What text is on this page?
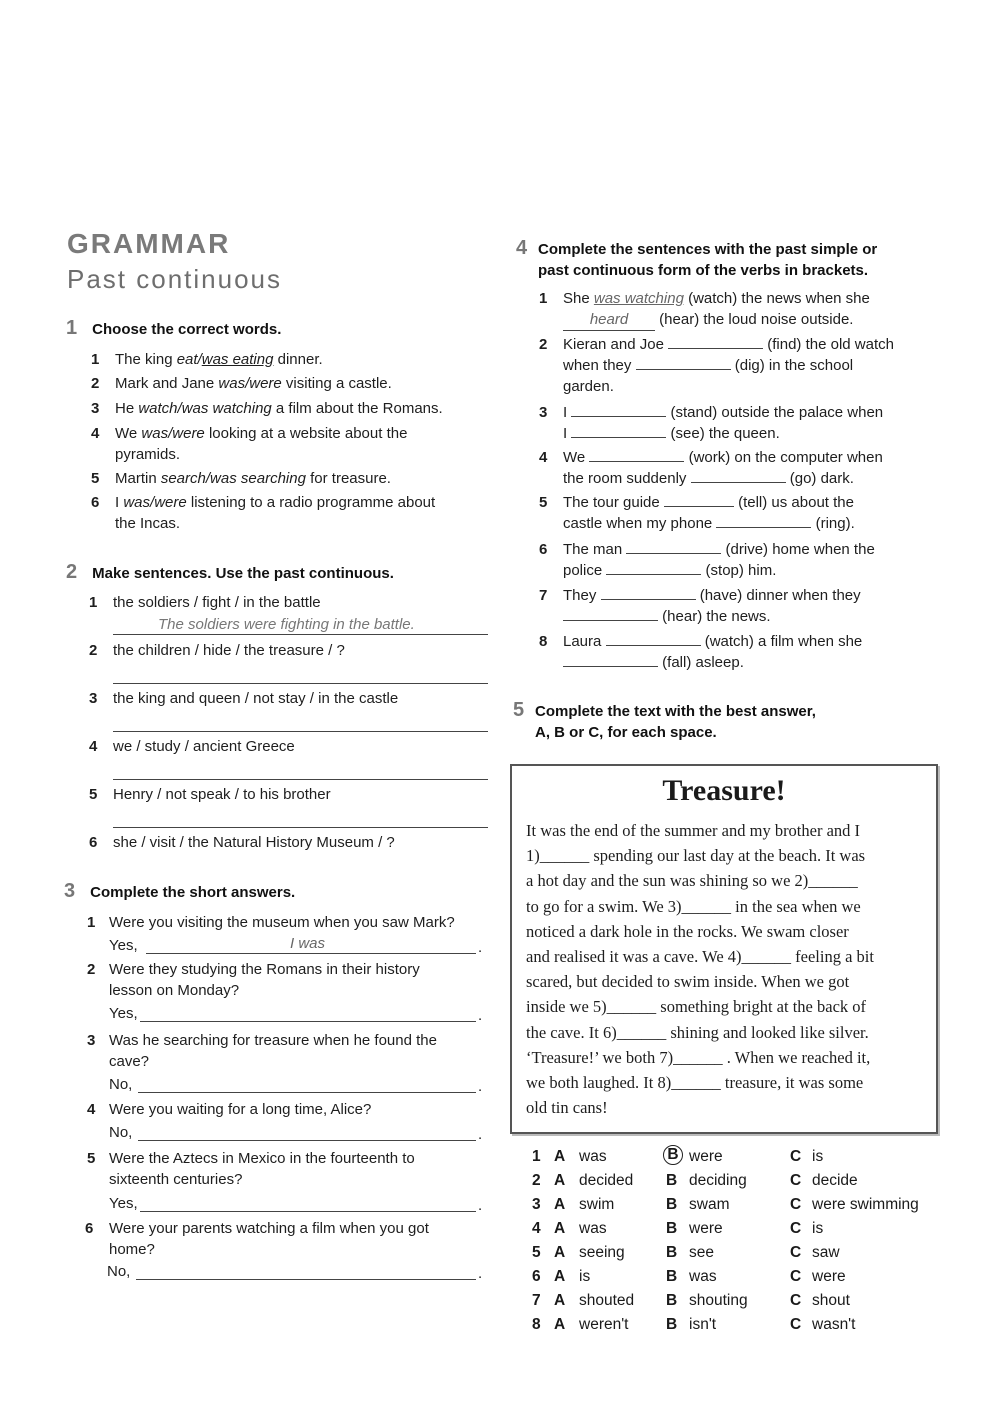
GRAMMAR
Past continuous
1 Choose the correct words.
1 The king eat/was eating dinner.
2 Mark and Jane was/were visiting a castle.
3 He watch/was watching a film about the Romans.
4 We was/were looking at a website about the
pyramids.
5 Martin search/was searching for treasure.
6 I was/were listening to a radio programme about
the Incas.
2 Make sentences. Use the past continuous.
1 the soldiers / fight / in the battle
The soldiers were fighting in the battle.
2 the children / hide / the treasure / ?
3 the king and queen / not stay / in the castle
4 we / study / ancient Greece
5 Henry / not speak / to his brother
6 she / visit / the Natural History Museum / ?
3 Complete the short answers.
1 Were you visiting the museum when you saw Mark?
Yes,	I was	.
2 Were they studying the Romans in their history
lesson on Monday?
Yes,	.
3 Was he searching for treasure when he found the
cave?
No,	.
4 Were you waiting for a long time, Alice?
No,	.
5 Were the Aztecs in Mexico in the fourteenth to
sixteenth centuries?
Yes,	.
6 Were your parents watching a film when you got
home?
No,	.
4 Complete the sentences with the past simple or
past continuous form of the verbs in brackets.
1 She was watching (watch) the news when she
heard (hear) the loud noise outside.
2 Kieran and Joe	(find) the old watch
when they	(dig) in the school
garden.
3 I	(stand) outside the palace when
I	(see) the queen.
4 We	(work) on the computer when
the room suddenly	(go) dark.
5 The tour guide	(tell) us about the
castle when my phone	(ring).
6 The man	(drive) home when the
police	(stop) him.
7 They	(have) dinner when they
(hear) the news.
8 Laura	(watch) a film when she
(fall) asleep.
5 Complete the text with the best answer,
A, B or C, for each space.
Treasure!
It was the end of the summer and my brother and I
1)______ spending our last day at the beach. It was
a hot day and the sun was shining so we 2)______
to go for a swim. We 3)______ in the sea when we
noticed a dark hole in the rocks. We swam closer
and realised it was a cave. We 4)______ feeling a bit
scared, but decided to swim inside. When we got
inside we 5)______ something bright at the back of
the cave. It 6)______ shining and looked like silver.
‘Treasure!’ we both 7)______ . When we reached it,
we both laughed. It 8)______ treasure, it was some
old tin cans!
1 A was	B were	C is
2 A decided B deciding	C decide
3 A swim	B swam	C were swimming
4 A was	B were	C is
5 A seeing	B see	C saw
6 A is	B was	C were
7 A shouted B shouting	C shout
8 A weren't B isn't	C wasn't
